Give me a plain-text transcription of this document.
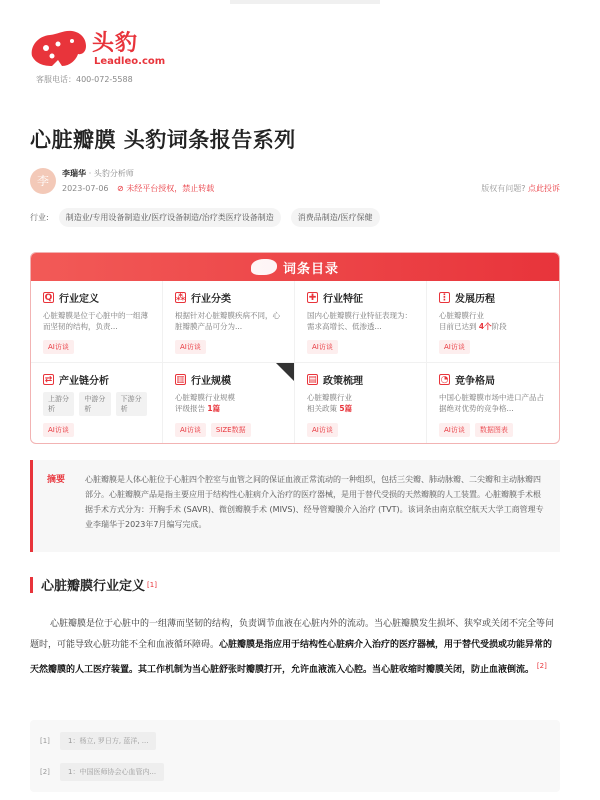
头豹
Leadleo.com
客服电话：400-072-5588
心脏瓣膜 头豹词条报告系列
李
李瑞华 · 头豹分析师
2023-07-06 ⊘ 未经平台授权，禁止转载	版权有问题? 点此投诉
行业:	制造业/专用设备制造业/医疗设备制造/治疗类医疗设备制造	消费品制造/医疗保健
词条目录
Q 行业定义
心脏瓣膜是位于心脏中的一组薄而坚韧的结构，负责...
AI访谈
⁂ 行业分类
根据针对心脏瓣膜疾病不同，心脏瓣膜产品可分为...
AI访谈
✚ 行业特征
国内心脏瓣膜行业特征表现为：需求高增长、低渗透...
AI访谈
⋮ 发展历程
心脏瓣膜行业
目前已达到 4个阶段
AI访谈
⇄ 产业链分析
上游分析
中游分析
下游分析
AI访谈
▥ 行业规模
心脏瓣膜行业规模
评级报告 1篇
AI访谈	SIZE数据
▤ 政策梳理
心脏瓣膜行业
相关政策 5篇
AI访谈
◔ 竞争格局
中国心脏瓣膜市场中进口产品占据绝对优势的竞争格...
AI访谈	数据图表
摘要	心脏瓣膜是人体心脏位于心脏四个腔室与血管之间的保证血液正常流动的一种组织，包括三尖瓣、肺动脉瓣、二尖瓣和主动脉瓣四部分。心脏瓣膜产品是指主要应用于结构性心脏病介入治疗的医疗器械，是用于替代受损的天然瓣膜的人工装置。心脏瓣膜手术根据手术方式分为：开胸手术 (SAVR)、微创瓣膜手术 (MIVS)、经导管瓣膜介入治疗 (TVT)。该词条由南京航空航天大学工商管理专业李瑞华于2023年7月编写完成。
心脏瓣膜行业定义 [1]

心脏瓣膜是位于心脏中的一组薄而坚韧的结构，负责调节血液在心脏内外的流动。当心脏瓣膜发生损坏、狭窄或关闭不完全等问题时，可能导致心脏功能不全和血液循环障碍。心脏瓣膜是指应用于结构性心脏病介入治疗的医疗器械，用于替代受损或功能异常的天然瓣膜的人工医疗装置。其工作机制为当心脏舒张时瓣膜打开，允许血液流入心腔。当心脏收缩时瓣膜关闭，防止血液倒流。 [2]

[1]	1：杨立, 罗日方, 蓝洋, ...
[2]	1：中国医师协会心血管内...
